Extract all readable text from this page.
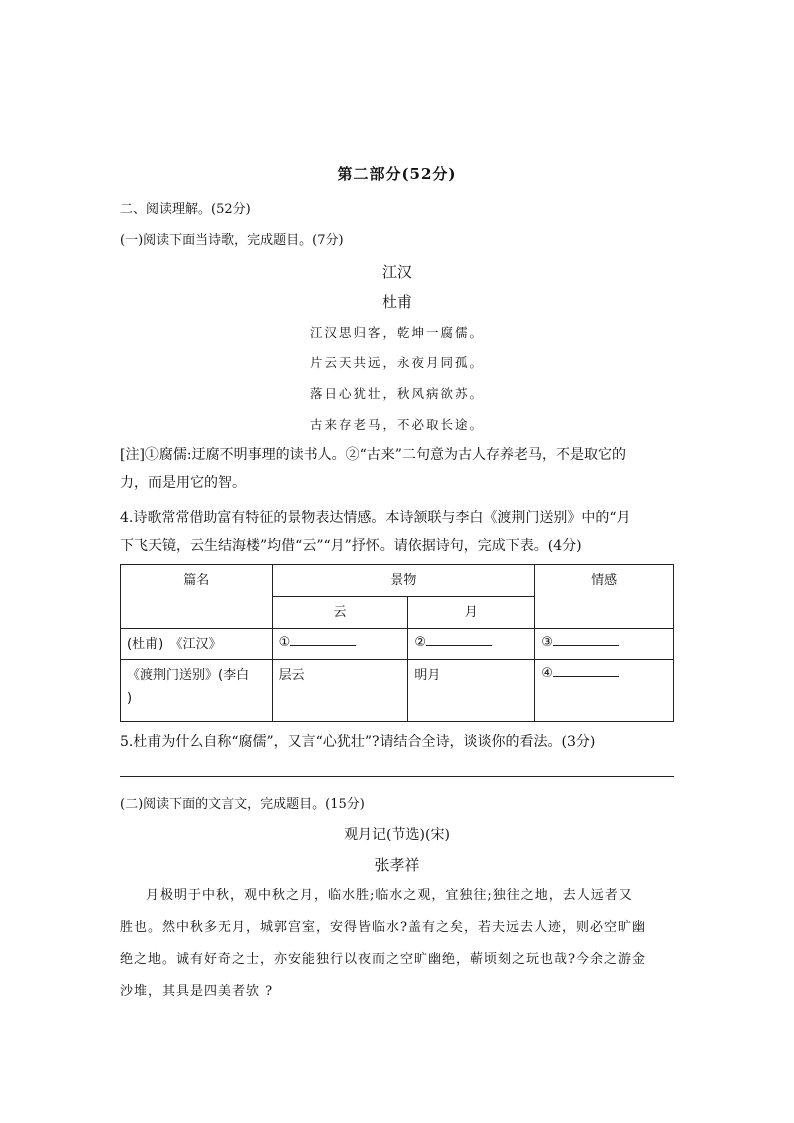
第二部分(52分)
二、阅读理解。(52分)
(一)阅读下面当诗歌，完成题目。(7分)
江汉
杜甫
江汉思归客，乾坤一腐儒。
片云天共远，永夜月同孤。
落日心犹壮，秋风病欲苏。
古来存老马，不必取长途。
[注]①腐儒:迂腐不明事理的读书人。②“古来”二句意为古人存养老马，不是取它的
力，而是用它的智。
4.诗歌常常借助富有特征的景物表达情感。本诗颔联与李白《渡荆门送别》中的“月
下飞天镜，云生结海楼”均借“云”“月”抒怀。请依据诗句，完成下表。(4分)
篇名	景物		情感
	云	月	
(杜甫)　《江汉》	①	②	③

《渡荆门送别》(李白
)	层云	明月	④
5.杜甫为什么自称“腐儒”，又言“心犹壮”?请结合全诗，谈谈你的看法。(3分)
(二)阅读下面的文言文，完成题目。(15分)
观月记(节选)(宋)
张孝祥
月极明于中秋，观中秋之月，临水胜;临水之观，宜独往;独往之地，去人远者又
胜也。然中秋多无月，城郭宫室，安得皆临水?盖有之矣，若夫远去人迹，则必空旷幽
绝之地。诚有好奇之士，亦安能独行以夜而之空旷幽绝，蕲顷刻之玩也哉?今余之游金
沙堆，其具是四美者欤 ?
